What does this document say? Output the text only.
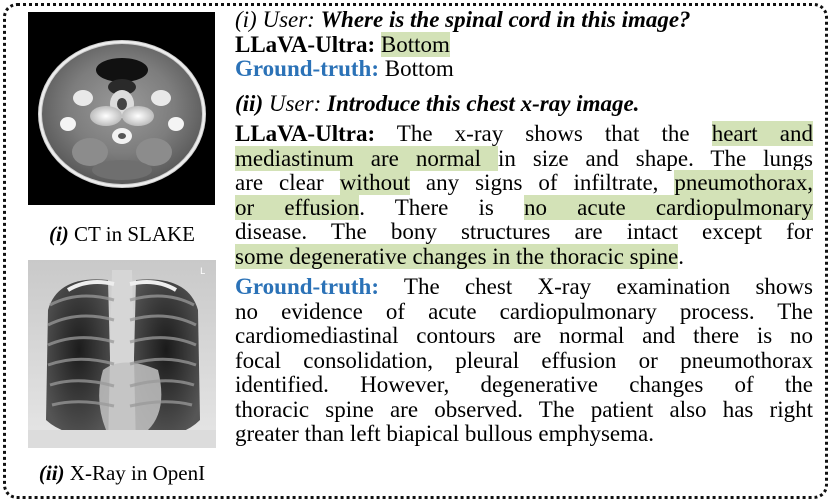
(i) CT in SLAKE
L
(ii) X-Ray in OpenI
(i) User: Where is the spinal cord in this image?
LLaVA-Ultra: Bottom
Ground-truth: Bottom
(ii) User: Introduce this chest x-ray image.
LLaVA-Ultra: The x-ray shows that the heart and
mediastinum are normal in size and shape. The lungs
are clear without any signs of infiltrate, pneumothorax,
or effusion. There is no acute cardiopulmonary
disease. The bony structures are intact except for
some degenerative changes in the thoracic spine.
Ground-truth: The chest X-ray examination shows
no evidence of acute cardiopulmonary process. The
cardiomediastinal contours are normal and there is no
focal consolidation, pleural effusion or pneumothorax
identified. However, degenerative changes of the
thoracic spine are observed. The patient also has right
greater than left biapical bullous emphysema.
